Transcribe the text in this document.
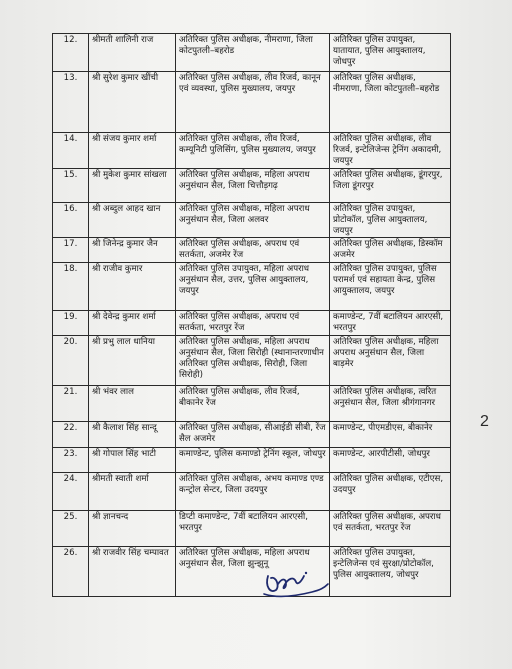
12.	श्रीमती शालिनी राज	अतिरिक्त पुलिस अधीक्षक, नीमराणा, जिला कोटपुतली–बहरोड	अतिरिक्त पुलिस उपायुक्त, यातायात, पुलिस आयुक्तालय, जोधपुर
13.	श्री सुरेश कुमार खींची	अतिरिक्त पुलिस अधीक्षक, लीव रिजर्व, कानून एवं व्यवस्था, पुलिस मुख्यालय, जयपुर	अतिरिक्त पुलिस अधीक्षक, नीमराणा, जिला कोटपुतली–बहरोड
14.	श्री संजय कुमार शर्मा	अतिरिक्त पुलिस अधीक्षक, लीव रिजर्व, कम्यूनिटी पुलिसिंग, पुलिस मुख्यालय, जयपुर	अतिरिक्त पुलिस अधीक्षक, लीव रिजर्व, इन्टेलिजेन्स ट्रेनिंग अकादमी, जयपुर
15.	श्री मुकेश कुमार सांखला	अतिरिक्त पुलिस अधीक्षक, महिला अपराध अनुसंधान सैल, जिला चित्तौड़गढ़	अतिरिक्त पुलिस अधीक्षक, डूंगरपुर, जिला डूंगरपुर
16.	श्री अब्दुल आहद खान	अतिरिक्त पुलिस अधीक्षक, महिला अपराध अनुसंधान सैल, जिला अलवर	अतिरिक्त पुलिस उपायुक्त, प्रोटोकॉल, पुलिस आयुक्तालय, जयपुर
17.	श्री जिनेन्द्र कुमार जैन	अतिरिक्त पुलिस अधीक्षक, अपराध एवं सतर्कता, अजमेर रेंज	अतिरिक्त पुलिस अधीक्षक, डिस्कॉम अजमेर
18.	श्री राजीव कुमार	अतिरिक्त पुलिस उपायुक्त, महिला अपराध अनुसंधान सैल, उत्तर, पुलिस आयुक्तालय, जयपुर	अतिरिक्त पुलिस उपायुक्त, पुलिस परामर्श एवं सहायता केन्द्र, पुलिस आयुक्तालय, जयपुर
19.	श्री देवेन्द्र कुमार शर्मा	अतिरिक्त पुलिस अधीक्षक, अपराध एवं सतर्कता, भरतपुर रेंज	कमाण्डेन्ट, 7वीं बटालियन आरएसी, भरतपुर
20.	श्री प्रभु लाल धानिया	अतिरिक्त पुलिस अधीक्षक, महिला अपराध अनुसंधान सैल, जिला सिरोही (स्थानान्तरणाधीन अतिरिक्त पुलिस अधीक्षक, सिरोही, जिला सिरोही)	अतिरिक्त पुलिस अधीक्षक, महिला अपराध अनुसंधान सैल, जिला बाड़मेर
21.	श्री भंवर लाल	अतिरिक्त पुलिस अधीक्षक, लीव रिजर्व, बीकानेर रेंज	अतिरिक्त पुलिस अधीक्षक, त्वरित अनुसंधान सैल, जिला श्रीगंगानगर
22.	श्री कैलाश सिंह सान्दू	अतिरिक्त पुलिस अधीक्षक, सीआईडी सीबी, रेंज सैल अजमेर	कमाण्डेन्ट, पीएमडीएस, बीकानेर
23.	श्री गोपाल सिंह भाटी	कमाण्डेन्ट, पुलिस कमाण्डो ट्रेनिंग स्कूल, जोधपुर	कमाण्डेन्ट, आरपीटीसी, जोधपुर
24.	श्रीमती स्वाती शर्मा	अतिरिक्त पुलिस अधीक्षक, अभय कमाण्ड एण्ड कन्ट्रोल सेन्टर, जिला उदयपुर	अतिरिक्त पुलिस अधीक्षक, एटीएस, उदयपुर
25.	श्री ज्ञानचन्द	डिप्टी कमाण्डेन्ट, 7वीं बटालियन आरएसी, भरतपुर	अतिरिक्त पुलिस अधीक्षक, अपराध एवं सतर्कता, भरतपुर रेंज
26.	श्री राजवीर सिंह चम्पावत	अतिरिक्त पुलिस अधीक्षक, महिला अपराध अनुसंधान सैल, जिला झुन्झुनू	अतिरिक्त पुलिस उपायुक्त, इन्टेलिजेन्स एवं सुरक्षा/प्रोटोकॉल, पुलिस आयुक्तालय, जोधपुर
2
